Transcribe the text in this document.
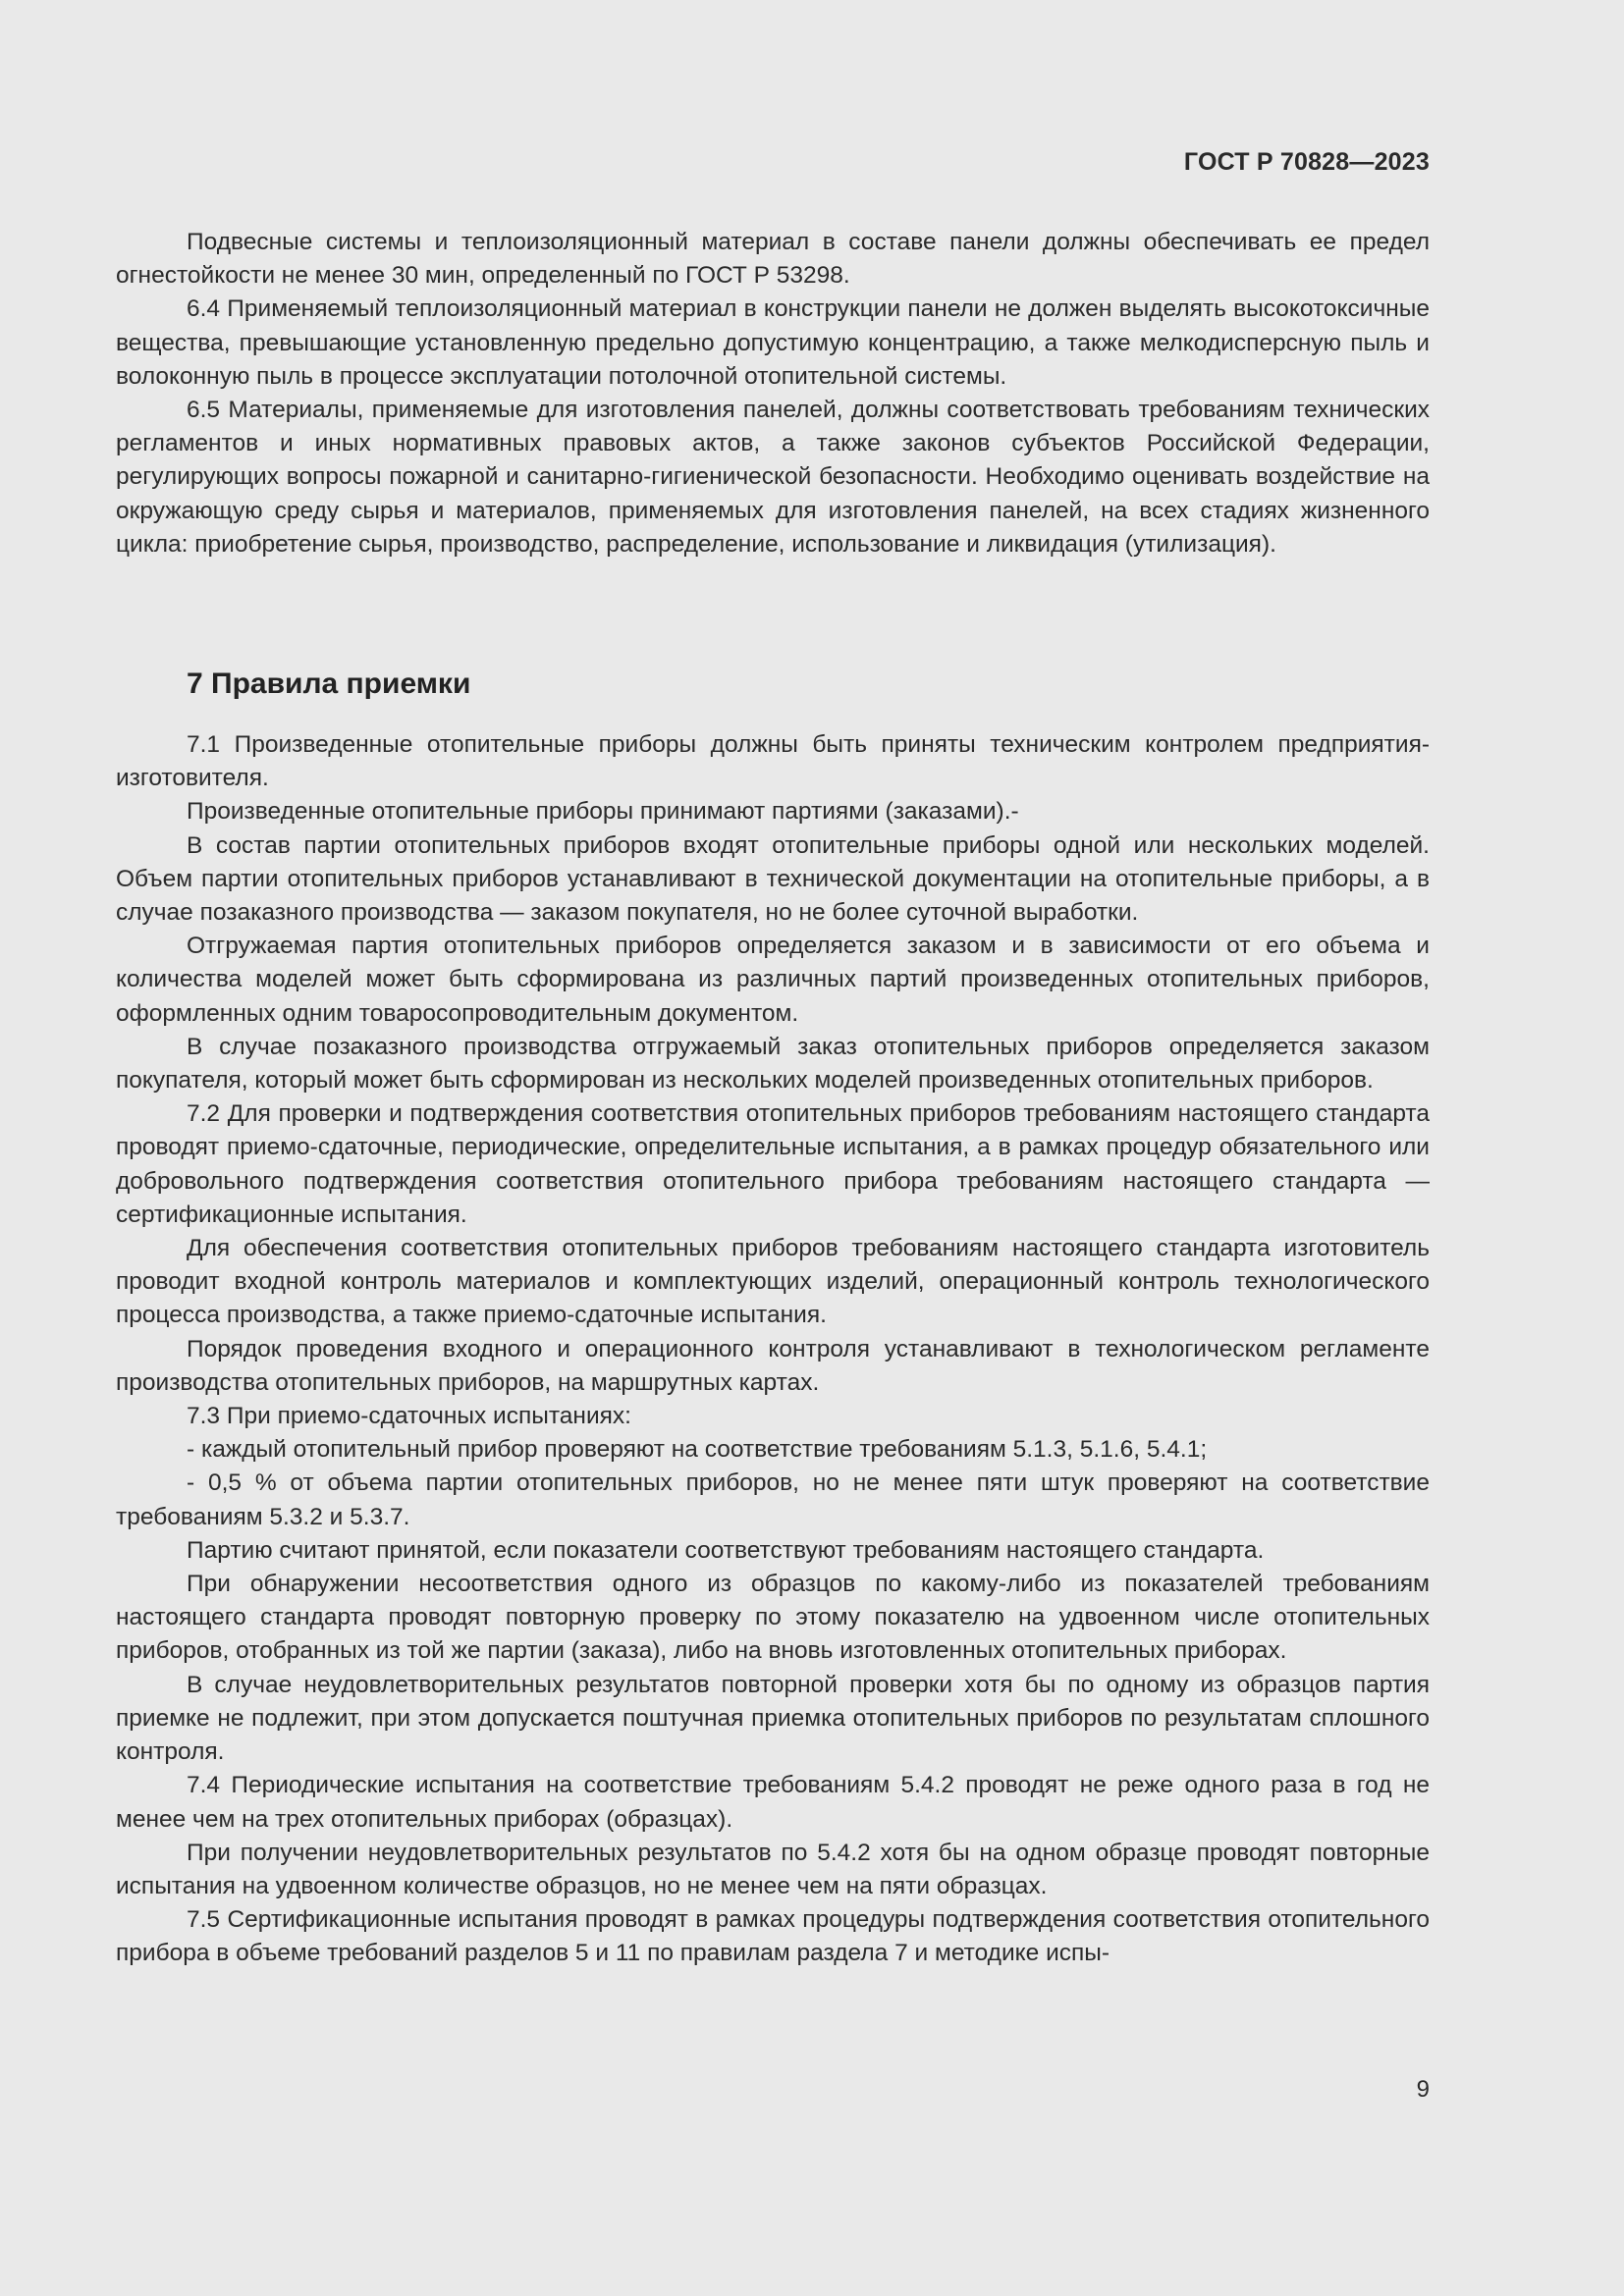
ГОСТ Р 70828—2023

Подвесные системы и теплоизоляционный материал в составе панели должны обеспечивать ее предел огнестойкости не менее 30 мин, определенный по ГОСТ Р 53298.

6.4 Применяемый теплоизоляционный материал в конструкции панели не должен выделять высокотоксичные вещества, превышающие установленную предельно допустимую концентрацию, а также мелкодисперсную пыль и волоконную пыль в процессе эксплуатации потолочной отопительной системы.

6.5 Материалы, применяемые для изготовления панелей, должны соответствовать требованиям технических регламентов и иных нормативных правовых актов, а также законов субъектов Российской Федерации, регулирующих вопросы пожарной и санитарно-гигиенической безопасности. Необходимо оценивать воздействие на окружающую среду сырья и материалов, применяемых для изготовления панелей, на всех стадиях жизненного цикла: приобретение сырья, производство, распределение, использование и ликвидация (утилизация).

7 Правила приемки

7.1 Произведенные отопительные приборы должны быть приняты техническим контролем предприятия-изготовителя.

Произведенные отопительные приборы принимают партиями (заказами).-

В состав партии отопительных приборов входят отопительные приборы одной или нескольких моделей. Объем партии отопительных приборов устанавливают в технической документации на отопительные приборы, а в случае позаказного производства — заказом покупателя, но не более суточной выработки.

Отгружаемая партия отопительных приборов определяется заказом и в зависимости от его объема и количества моделей может быть сформирована из различных партий произведенных отопительных приборов, оформленных одним товаросопроводительным документом.

В случае позаказного производства отгружаемый заказ отопительных приборов определяется заказом покупателя, который может быть сформирован из нескольких моделей произведенных отопительных приборов.

7.2 Для проверки и подтверждения соответствия отопительных приборов требованиям настоящего стандарта проводят приемо-сдаточные, периодические, определительные испытания, а в рамках процедур обязательного или добровольного подтверждения соответствия отопительного прибора требованиям настоящего стандарта — сертификационные испытания.

Для обеспечения соответствия отопительных приборов требованиям настоящего стандарта изготовитель проводит входной контроль материалов и комплектующих изделий, операционный контроль технологического процесса производства, а также приемо-сдаточные испытания.

Порядок проведения входного и операционного контроля устанавливают в технологическом регламенте производства отопительных приборов, на маршрутных картах.

7.3 При приемо-сдаточных испытаниях:

- каждый отопительный прибор проверяют на соответствие требованиям 5.1.3, 5.1.6, 5.4.1;

- 0,5 % от объема партии отопительных приборов, но не менее пяти штук проверяют на соответствие требованиям 5.3.2 и 5.3.7.

Партию считают принятой, если показатели соответствуют требованиям настоящего стандарта.

При обнаружении несоответствия одного из образцов по какому-либо из показателей требованиям настоящего стандарта проводят повторную проверку по этому показателю на удвоенном числе отопительных приборов, отобранных из той же партии (заказа), либо на вновь изготовленных отопительных приборах.

В случае неудовлетворительных результатов повторной проверки хотя бы по одному из образцов партия приемке не подлежит, при этом допускается поштучная приемка отопительных приборов по результатам сплошного контроля.

7.4 Периодические испытания на соответствие требованиям 5.4.2 проводят не реже одного раза в год не менее чем на трех отопительных приборах (образцах).

При получении неудовлетворительных результатов по 5.4.2 хотя бы на одном образце проводят повторные испытания на удвоенном количестве образцов, но не менее чем на пяти образцах.

7.5 Сертификационные испытания проводят в рамках процедуры подтверждения соответствия отопительного прибора в объеме требований разделов 5 и 11 по правилам раздела 7 и методике испы-

9
